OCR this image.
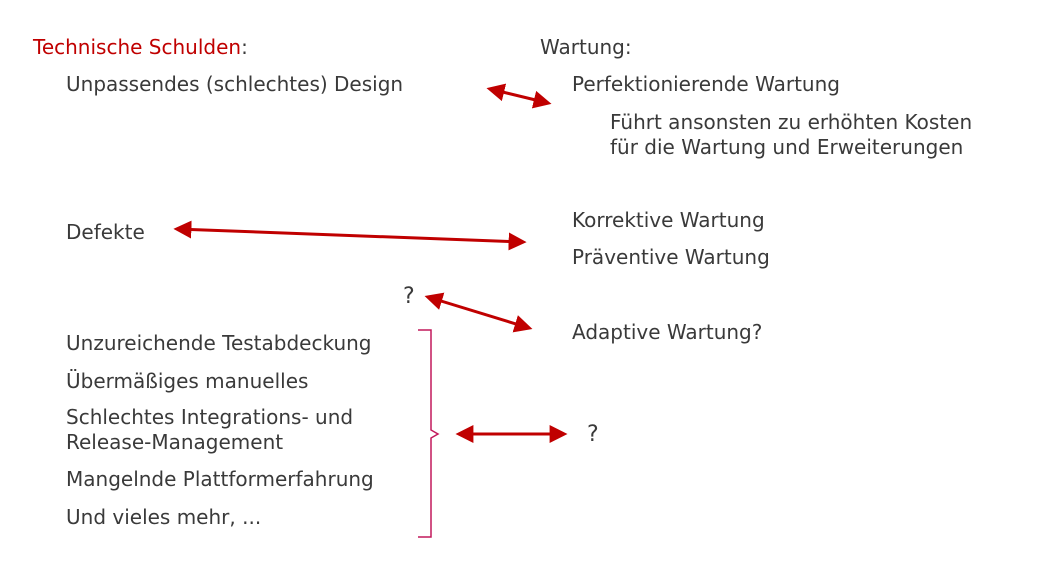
Technische Schulden:	Wartung:
Unpassendes (schlechtes) Design
Defekte
Unzureichende Testabdeckung
Übermäßiges manuelles
Schlechtes Integrations- und
Release-Management
Mangelnde Plattformerfahrung
Und vieles mehr, ...
Perfektionierende Wartung
Führt ansonsten zu erhöhten Kosten
für die Wartung und Erweiterungen
Korrektive Wartung
Präventive Wartung
Adaptive Wartung?
?
?
